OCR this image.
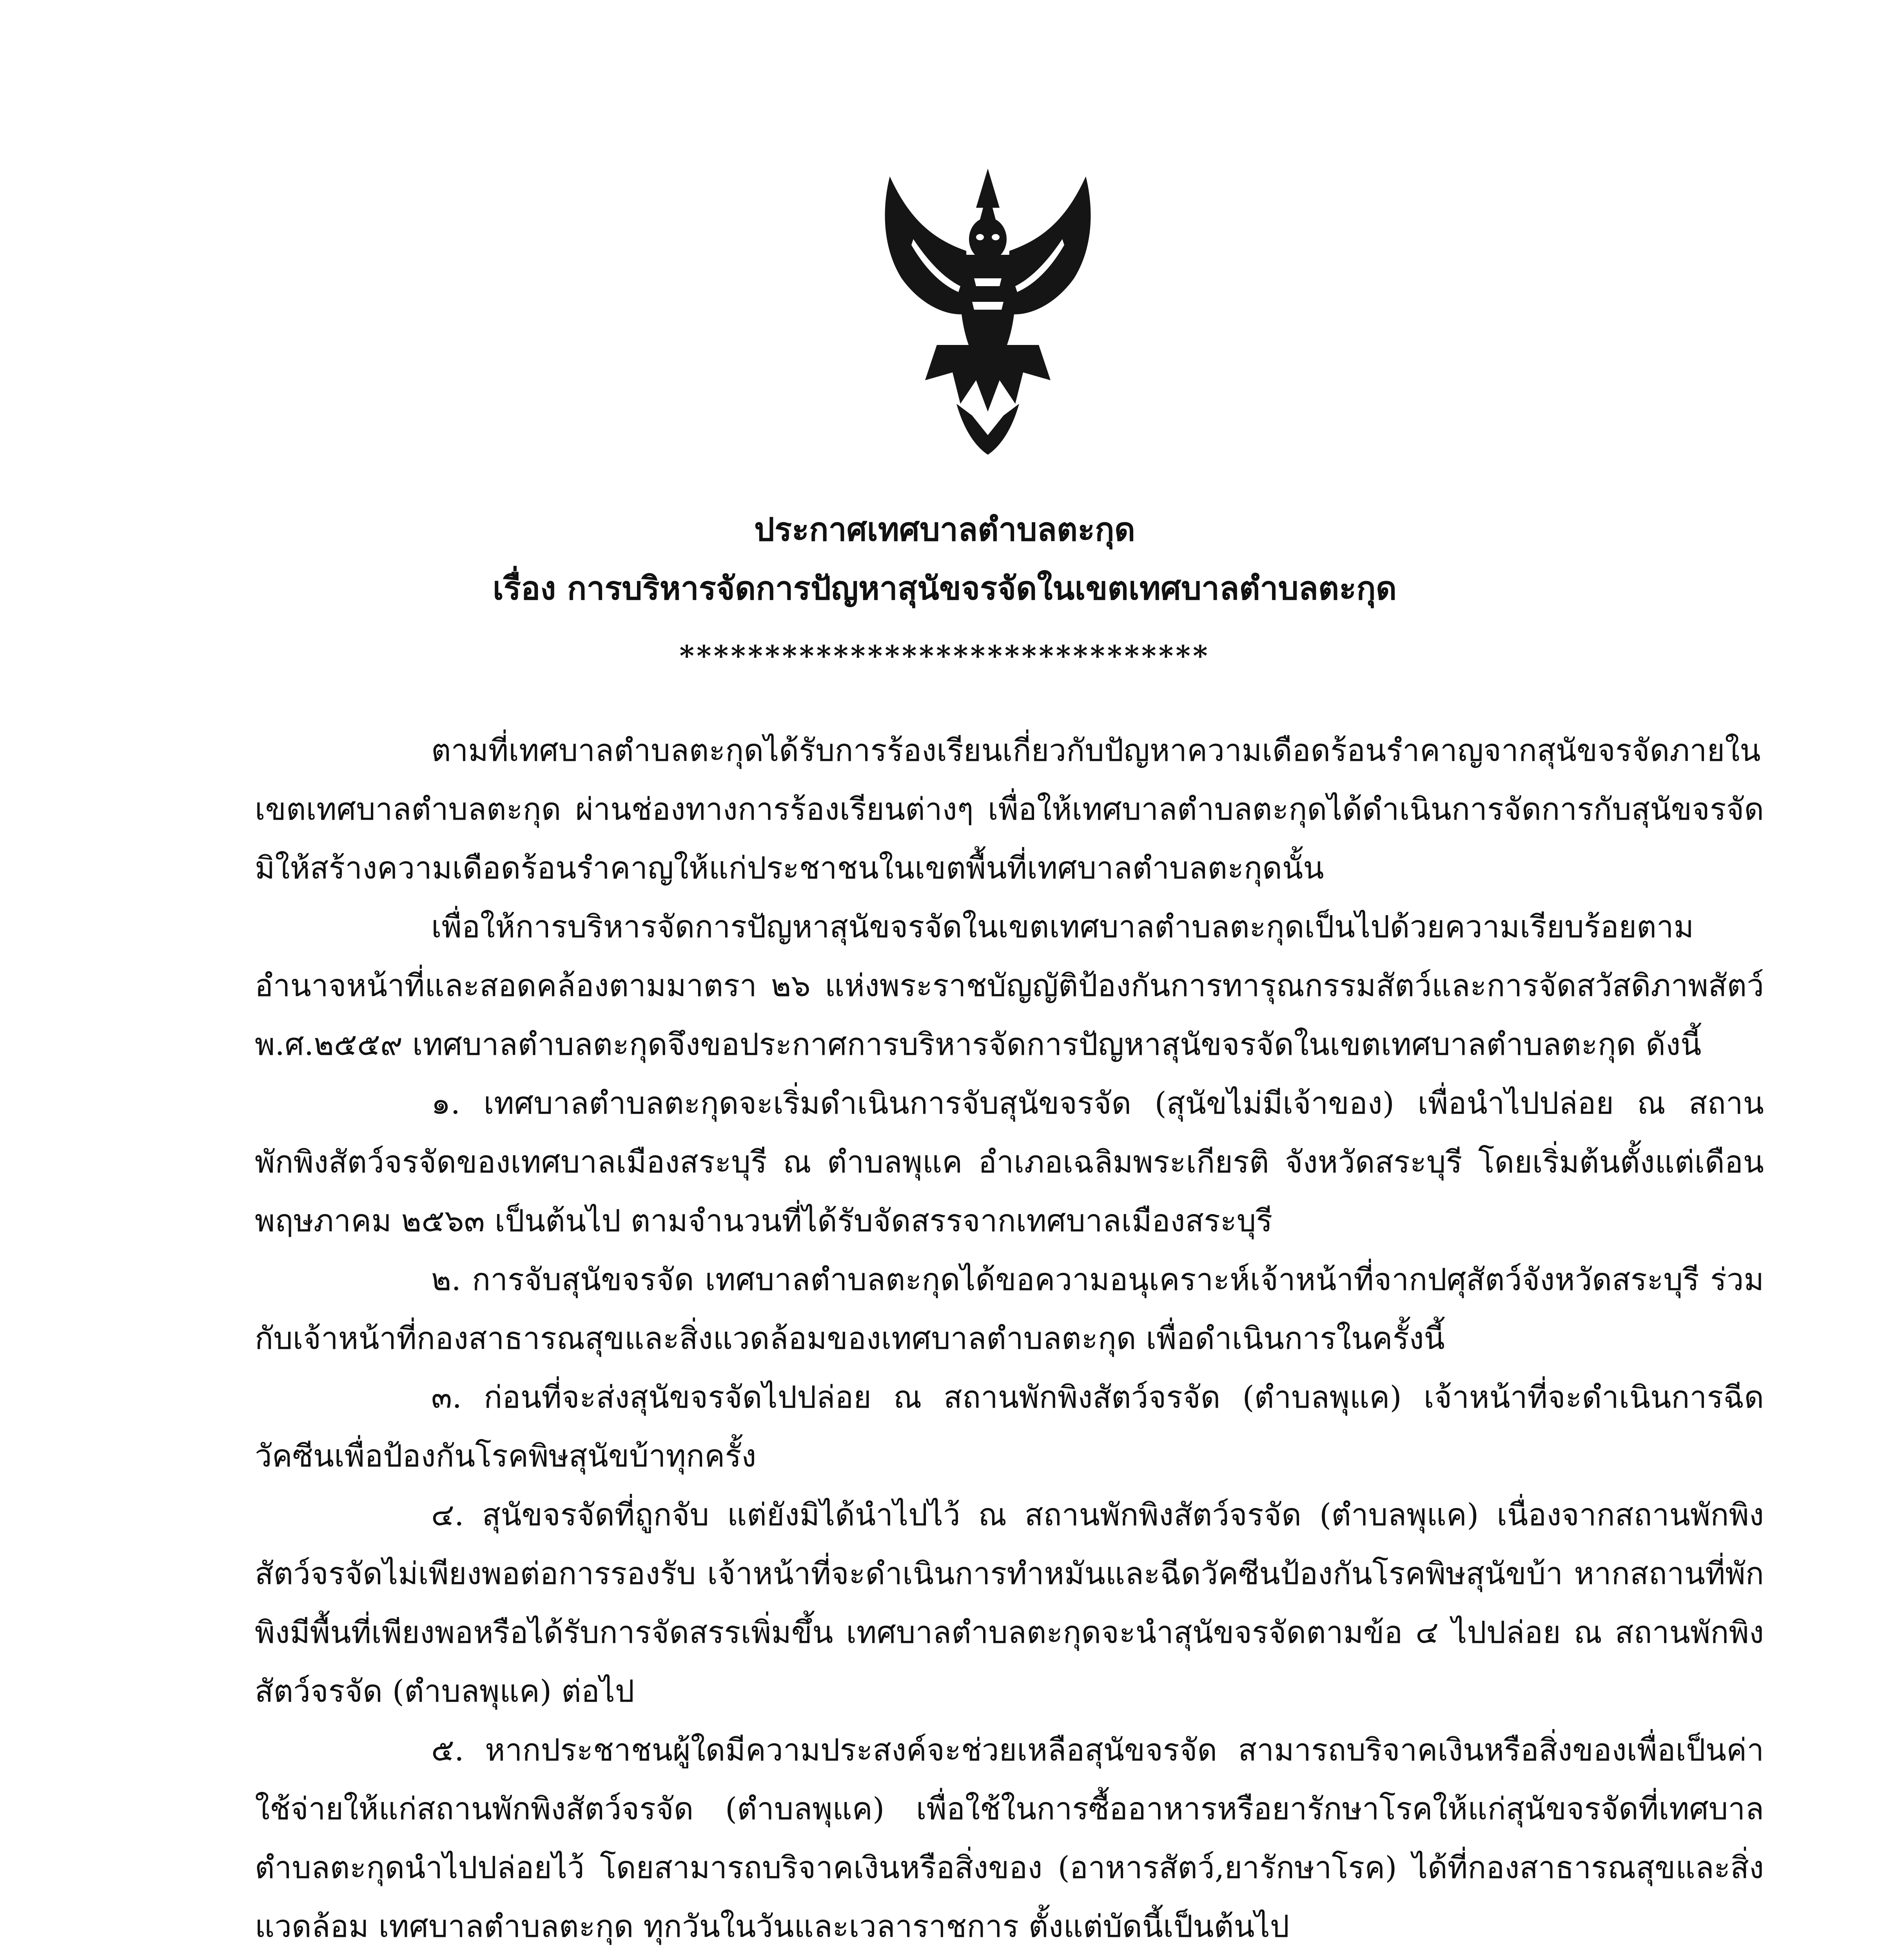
ประกาศเทศบาลตำบลตะกุด
เรื่อง การบริหารจัดการปัญหาสุนัขจรจัดในเขตเทศบาลตำบลตะกุด
*******************************

ตามที่เทศบาลตำบลตะกุดได้รับการร้องเรียนเกี่ยวกับปัญหาความเดือดร้อนรำคาญจากสุนัขจรจัดภายในเขตเทศบาลตำบลตะกุด ผ่านช่องทางการร้องเรียนต่างๆ เพื่อให้เทศบาลตำบลตะกุดได้ดำเนินการจัดการกับสุนัขจรจัดมิให้สร้างความเดือดร้อนรำคาญให้แก่ประชาชนในเขตพื้นที่เทศบาลตำบลตะกุดนั้น

เพื่อให้การบริหารจัดการปัญหาสุนัขจรจัดในเขตเทศบาลตำบลตะกุดเป็นไปด้วยความเรียบร้อยตามอำนาจหน้าที่และสอดคล้องตามมาตรา ๒๖ แห่งพระราชบัญญัติป้องกันการทารุณกรรมสัตว์และการจัดสวัสดิภาพสัตว์ พ.ศ.๒๕๕๙ เทศบาลตำบลตะกุดจึงขอประกาศการบริหารจัดการปัญหาสุนัขจรจัดในเขตเทศบาลตำบลตะกุด ดังนี้

๑. เทศบาลตำบลตะกุดจะเริ่มดำเนินการจับสุนัขจรจัด (สุนัขไม่มีเจ้าของ) เพื่อนำไปปล่อย ณ สถานพักพิงสัตว์จรจัดของเทศบาลเมืองสระบุรี ณ ตำบลพุแค อำเภอเฉลิมพระเกียรติ จังหวัดสระบุรี โดยเริ่มต้นตั้งแต่เดือนพฤษภาคม ๒๕๖๓ เป็นต้นไป ตามจำนวนที่ได้รับจัดสรรจากเทศบาลเมืองสระบุรี

๒. การจับสุนัขจรจัด เทศบาลตำบลตะกุดได้ขอความอนุเคราะห์เจ้าหน้าที่จากปศุสัตว์จังหวัดสระบุรี ร่วมกับเจ้าหน้าที่กองสาธารณสุขและสิ่งแวดล้อมของเทศบาลตำบลตะกุด เพื่อดำเนินการในครั้งนี้

๓. ก่อนที่จะส่งสุนัขจรจัดไปปล่อย ณ สถานพักพิงสัตว์จรจัด (ตำบลพุแค) เจ้าหน้าที่จะดำเนินการฉีดวัคซีนเพื่อป้องกันโรคพิษสุนัขบ้าทุกครั้ง

๔. สุนัขจรจัดที่ถูกจับ แต่ยังมิได้นำไปไว้ ณ สถานพักพิงสัตว์จรจัด (ตำบลพุแค) เนื่องจากสถานพักพิงสัตว์จรจัดไม่เพียงพอต่อการรองรับ เจ้าหน้าที่จะดำเนินการทำหมันและฉีดวัคซีนป้องกันโรคพิษสุนัขบ้า หากสถานที่พักพิงมีพื้นที่เพียงพอหรือได้รับการจัดสรรเพิ่มขึ้น เทศบาลตำบลตะกุดจะนำสุนัขจรจัดตามข้อ ๔ ไปปล่อย ณ สถานพักพิงสัตว์จรจัด (ตำบลพุแค) ต่อไป

๕. หากประชาชนผู้ใดมีความประสงค์จะช่วยเหลือสุนัขจรจัด สามารถบริจาคเงินหรือสิ่งของเพื่อเป็นค่าใช้จ่ายให้แก่สถานพักพิงสัตว์จรจัด (ตำบลพุแค) เพื่อใช้ในการซื้ออาหารหรือยารักษาโรคให้แก่สุนัขจรจัดที่เทศบาลตำบลตะกุดนำไปปล่อยไว้ โดยสามารถบริจาคเงินหรือสิ่งของ (อาหารสัตว์,ยารักษาโรค) ได้ที่กองสาธารณสุขและสิ่งแวดล้อม เทศบาลตำบลตะกุด ทุกวันในวันและเวลาราชการ ตั้งแต่บัดนี้เป็นต้นไป
